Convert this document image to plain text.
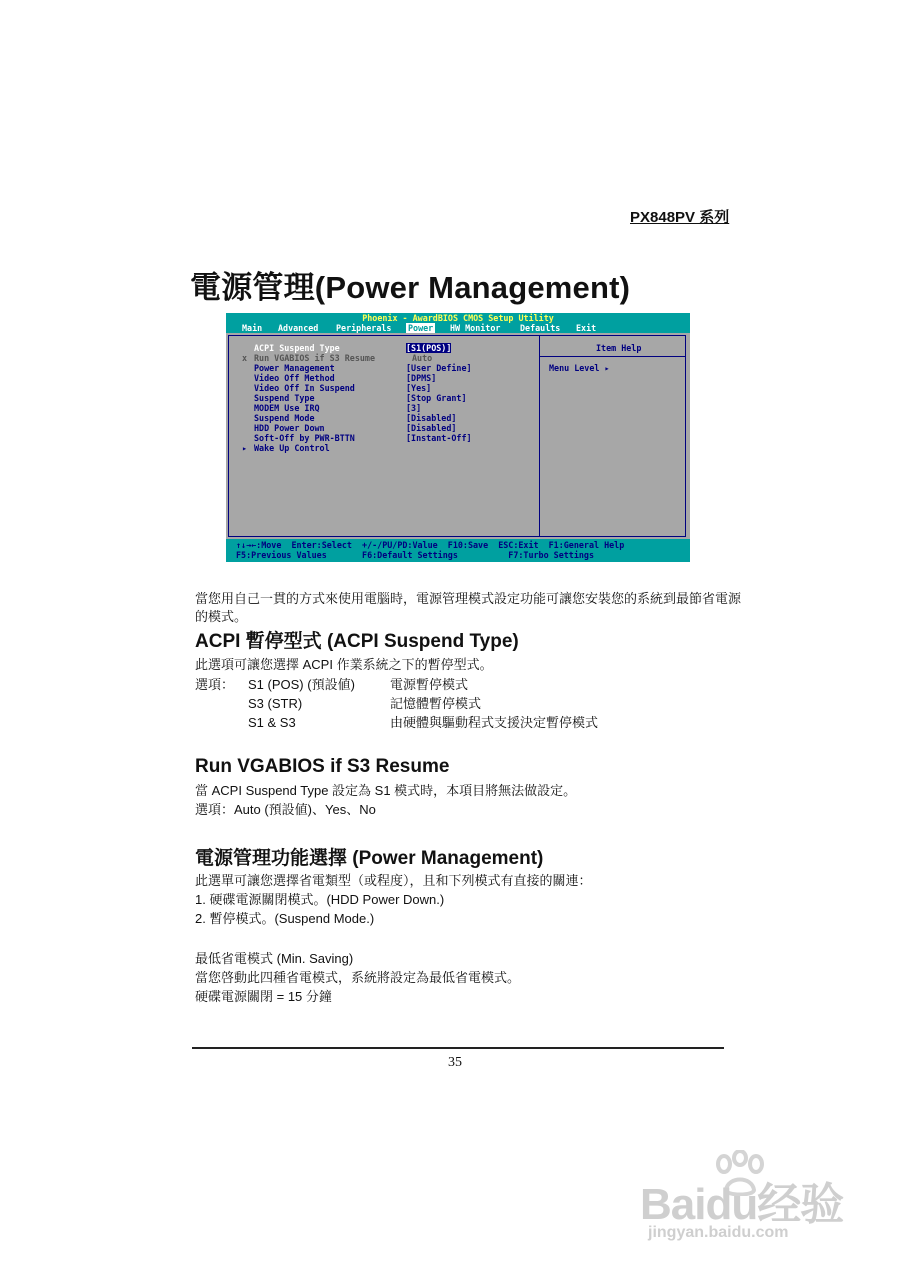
PX848PV 系列
電源管理(Power Management)
Phoenix - AwardBIOS CMOS Setup Utility
Main Advanced Peripherals Power HW Monitor Defaults Exit
Item Help
Menu Level ▸
ACPI Suspend Type	[S1(POS)]
x Run VGABIOS if S3 Resume	Auto
Power Management	[User Define]
Video Off Method	[DPMS]
Video Off In Suspend	[Yes]
Suspend Type	[Stop Grant]
MODEM Use IRQ	[3]
Suspend Mode	[Disabled]
HDD Power Down	[Disabled]
Soft-Off by PWR-BTTN	[Instant-Off]
▸ Wake Up Control

↑↓→←:Move  Enter:Select  +/-/PU/PD:Value  F10:Save  ESC:Exit  F1:General Help

F5:Previous Values       F6:Default Settings          F7:Turbo Settings

當您用自己一貫的方式來使用電腦時，電源管理模式設定功能可讓您安裝您的系統到最節省電源的模式。
ACPI 暫停型式 (ACPI Suspend Type)
此選項可讓您選擇 ACPI 作業系統之下的暫停型式。
選項： S1 (POS) (預設値)	電源暫停模式
S3 (STR)	記憶體暫停模式
S1 & S3	由硬體與驅動程式支援決定暫停模式
Run VGABIOS if S3 Resume
當 ACPI Suspend Type 設定為 S1 模式時，本項目將無法做設定。
選項：Auto (預設値)、Yes、No
電源管理功能選擇 (Power Management)
此選單可讓您選擇省電類型（或程度），且和下列模式有直接的關連：
1. 硬碟電源關閉模式。(HDD Power Down.)
2. 暫停模式。(Suspend Mode.)
最低省電模式 (Min. Saving)
當您啓動此四種省電模式，系統將設定為最低省電模式。
硬碟電源關閉 = 15 分鐘
35
Baidu经验
jingyan.baidu.com
